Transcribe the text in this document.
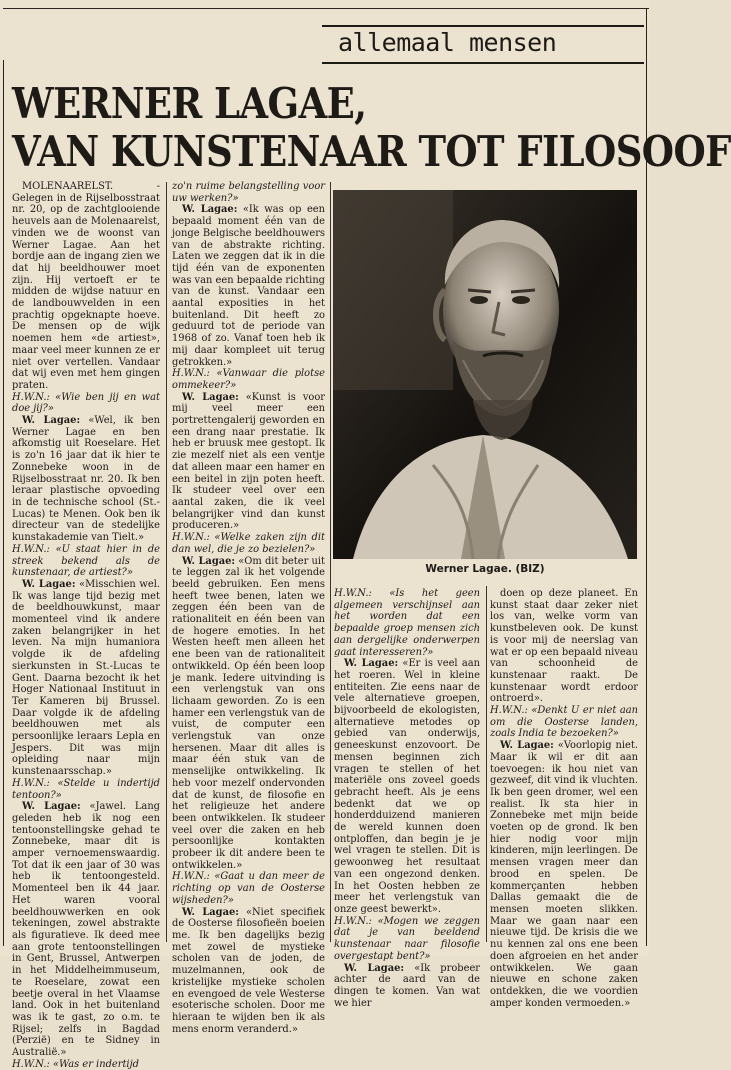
allemaal mensen
WERNER LAGAE,
VAN KUNSTENAAR TOT FILOSOOF

MOLENAARELST. - Gelegen in de Rijselbosstraat nr. 20, op de zachtglooiende heuvels aan de Molenaarelst, vinden we de woonst van Werner Lagae. Aan het bordje aan de ingang zien we dat hij beeldhouwer moet zijn. Hij vertoeft er te midden de wijdse natuur en de landbouwvelden in een prachtig opgeknapte hoeve. De mensen op de wijk noemen hem «de artiest», maar veel meer kunnen ze er niet over vertellen. Vandaar dat wij even met hem gingen praten.

H.W.N.: «Wie ben jij en wat doe jij?»

W. Lagae: «Wel, ik ben Werner Lagae en ben afkomstig uit Roeselare. Het is zo'n 16 jaar dat ik hier te Zonnebeke woon in de Rijselbosstraat nr. 20. Ik ben leraar plastische opvoeding in de technische school (St.-Lucas) te Menen. Ook ben ik directeur van de stedelijke kunstakademie van Tielt.»

H.W.N.: «U staat hier in de streek bekend als de kunstenaar, de artiest?»

W. Lagae: «Misschien wel. Ik was lange tijd bezig met de beeldhouwkunst, maar momenteel vind ik andere zaken belangrijker in het leven. Na mijn humaniora volgde ik de afdeling sierkunsten in St.-Lucas te Gent. Daarna bezocht ik het Hoger Nationaal Instituut in Ter Kameren bij Brussel. Daar volgde ik de afdeling beeldhouwen met als persoonlijke leraars Lepla en Jespers. Dit was mijn opleiding naar mijn kunstenaarsschap.»

H.W.N.: «Stelde u indertijd tentoon?»

W. Lagae: «Jawel. Lang geleden heb ik nog een tentoonstellingske gehad te Zonnebeke, maar dit is amper vernoemenswaardig. Tot dat ik een jaar of 30 was heb ik tentoongesteld. Momenteel ben ik 44 jaar. Het waren vooral beeldhouwwerken en ook tekeningen, zowel abstrakte als figuratieve. Ik deed mee aan grote tentoonstellingen in Gent, Brussel, Antwerpen in het Middelheimmuseum, te Roeselare, zowat een beetje overal in het Vlaamse land. Ook in het buitenland was ik te gast, zo o.m. te Rijsel; zelfs in Bagdad (Perzië) en te Sidney in Australië.»

H.W.N.: «Was er indertijd

zo'n ruime belangstelling voor uw werken?»

W. Lagae: «Ik was op een bepaald moment één van de jonge Belgische beeldhouwers van de abstrakte richting. Laten we zeggen dat ik in die tijd één van de exponenten was van een bepaalde richting van de kunst. Vandaar een aantal exposities in het buitenland. Dit heeft zo geduurd tot de periode van 1968 of zo. Vanaf toen heb ik mij daar kompleet uit terug getrokken.»

H.W.N.: «Vanwaar die plotse ommekeer?»

W. Lagae: «Kunst is voor mij veel meer een portrettengalerij geworden en een drang naar prestatie. Ik heb er bruusk mee gestopt. Ik zie mezelf niet als een ventje dat alleen maar een hamer en een beitel in zijn poten heeft. Ik studeer veel over een aantal zaken, die ik veel belangrijker vind dan kunst produceren.»

H.W.N.: «Welke zaken zijn dit dan wel, die je zo bezielen?»

W. Lagae: «Om dit beter uit te leggen zal ik het volgende beeld gebruiken. Een mens heeft twee benen, laten we zeggen één been van de rationaliteit en één been van de hogere emoties. In het Westen heeft men alleen het ene been van de rationaliteit ontwikkeld. Op één been loop je mank. Iedere uitvinding is een verlengstuk van ons lichaam geworden. Zo is een hamer een verlengstuk van de vuist, de computer een verlengstuk van onze hersenen. Maar dit alles is maar één stuk van de menselijke ontwikkeling. Ik heb voor mezelf ondervonden dat de kunst, de filosofie en het religieuze het andere been ontwikkelen. Ik studeer veel over die zaken en heb persoonlijke kontakten probeer ik dit andere been te ontwikkelen.»

H.W.N.: «Gaat u dan meer de richting op van de Oosterse wijsheden?»

W. Lagae: «Niet specifiek de Oosterse filosofieën boeien me. Ik ben dagelijks bezig met zowel de mystieke scholen van de joden, de muzelmannen, ook de kristelijke mystieke scholen en evengoed de vele Westerse esoterische scholen. Door me hieraan te wijden ben ik als mens enorm veranderd.»

Werner Lagae. (BIZ)

H.W.N.: «Is het geen algemeen verschijnsel aan het worden dat een bepaalde groep mensen zich aan dergelijke onderwerpen gaat interesseren?»

W. Lagae: «Er is veel aan het roeren. Wel in kleine entiteiten. Zie eens naar de vele alternatieve groepen, bijvoorbeeld de ekologisten, alternatieve metodes op gebied van onderwijs, geneeskunst enzovoort. De mensen beginnen zich vragen te stellen of het materiële ons zoveel goeds gebracht heeft. Als je eens bedenkt dat we op honderdduizend manieren de wereld kunnen doen ontploffen, dan begin je je wel vragen te stellen. Dit is gewoonweg het resultaat van een ongezond denken. In het Oosten hebben ze meer het verlengstuk van onze geest bewerkt».

H.W.N.: «Mogen we zeggen dat je van beeldend kunstenaar naar filosofie overgestapt bent?»

W. Lagae: «Ik probeer achter de aard van de dingen te komen. Van wat we hier

doen op deze planeet. En kunst staat daar zeker niet los van, welke vorm van kunstbeleven ook. De kunst is voor mij de neerslag van wat er op een bepaald niveau van schoonheid de kunstenaar raakt. De kunstenaar wordt erdoor ontroerd».

H.W.N.: «Denkt U er niet aan om die Oosterse landen, zoals India te bezoeken?»

W. Lagae: «Voorlopig niet. Maar ik wil er dit aan toevoegen: ik hou niet van gezweef, dit vind ik vluchten. Ik ben geen dromer, wel een realist. Ik sta hier in Zonnebeke met mijn beide voeten op de grond. Ik ben hier nodig voor mijn kinderen, mijn leerlingen. De mensen vragen meer dan brood en spelen. De kommerçanten hebben Dallas gemaakt die de mensen moeten slikken. Maar we gaan naar een nieuwe tijd. De krisis die we nu kennen zal ons ene been doen afgroeien en het ander ontwikkelen. We gaan nieuwe en schone zaken ontdekken, die we voordien amper konden vermoeden.»
